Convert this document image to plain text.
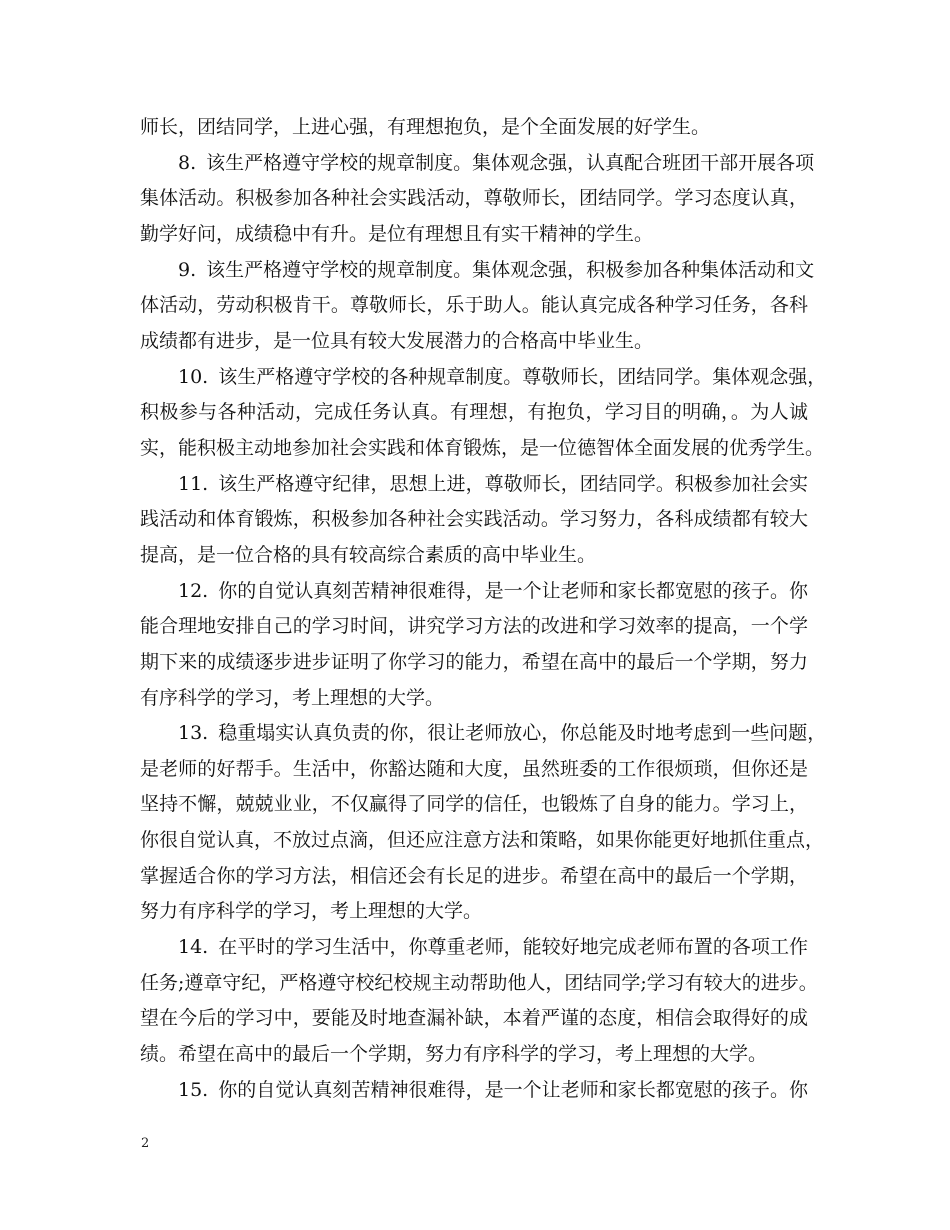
师长，团结同学，上进心强，有理想抱负，是个全面发展的好学生。
8. 该生严格遵守学校的规章制度。集体观念强，认真配合班团干部开展各项
集体活动。积极参加各种社会实践活动，尊敬师长，团结同学。学习态度认真，
勤学好问，成绩稳中有升。是位有理想且有实干精神的学生。
9. 该生严格遵守学校的规章制度。集体观念强，积极参加各种集体活动和文
体活动，劳动积极肯干。尊敬师长，乐于助人。能认真完成各种学习任务，各科
成绩都有进步，是一位具有较大发展潜力的合格高中毕业生。
10. 该生严格遵守学校的各种规章制度。尊敬师长，团结同学。集体观念强，
积极参与各种活动，完成任务认真。有理想，有抱负，学习目的明确，。为人诚
实，能积极主动地参加社会实践和体育锻炼，是一位德智体全面发展的优秀学生。
11. 该生严格遵守纪律，思想上进，尊敬师长，团结同学。积极参加社会实
践活动和体育锻炼，积极参加各种社会实践活动。学习努力，各科成绩都有较大
提高，是一位合格的具有较高综合素质的高中毕业生。
12. 你的自觉认真刻苦精神很难得，是一个让老师和家长都宽慰的孩子。你
能合理地安排自己的学习时间，讲究学习方法的改进和学习效率的提高，一个学
期下来的成绩逐步进步证明了你学习的能力，希望在高中的最后一个学期，努力
有序科学的学习，考上理想的大学。
13. 稳重塌实认真负责的你，很让老师放心，你总能及时地考虑到一些问题，
是老师的好帮手。生活中，你豁达随和大度，虽然班委的工作很烦琐，但你还是
坚持不懈，兢兢业业，不仅赢得了同学的信任，也锻炼了自身的能力。学习上，
你很自觉认真，不放过点滴，但还应注意方法和策略，如果你能更好地抓住重点，
掌握适合你的学习方法，相信还会有长足的进步。希望在高中的最后一个学期，
努力有序科学的学习，考上理想的大学。
14. 在平时的学习生活中，你尊重老师，能较好地完成老师布置的各项工作
任务;遵章守纪，严格遵守校纪校规主动帮助他人，团结同学;学习有较大的进步。
望在今后的学习中，要能及时地查漏补缺，本着严谨的态度，相信会取得好的成
绩。希望在高中的最后一个学期，努力有序科学的学习，考上理想的大学。
15. 你的自觉认真刻苦精神很难得，是一个让老师和家长都宽慰的孩子。你
2
